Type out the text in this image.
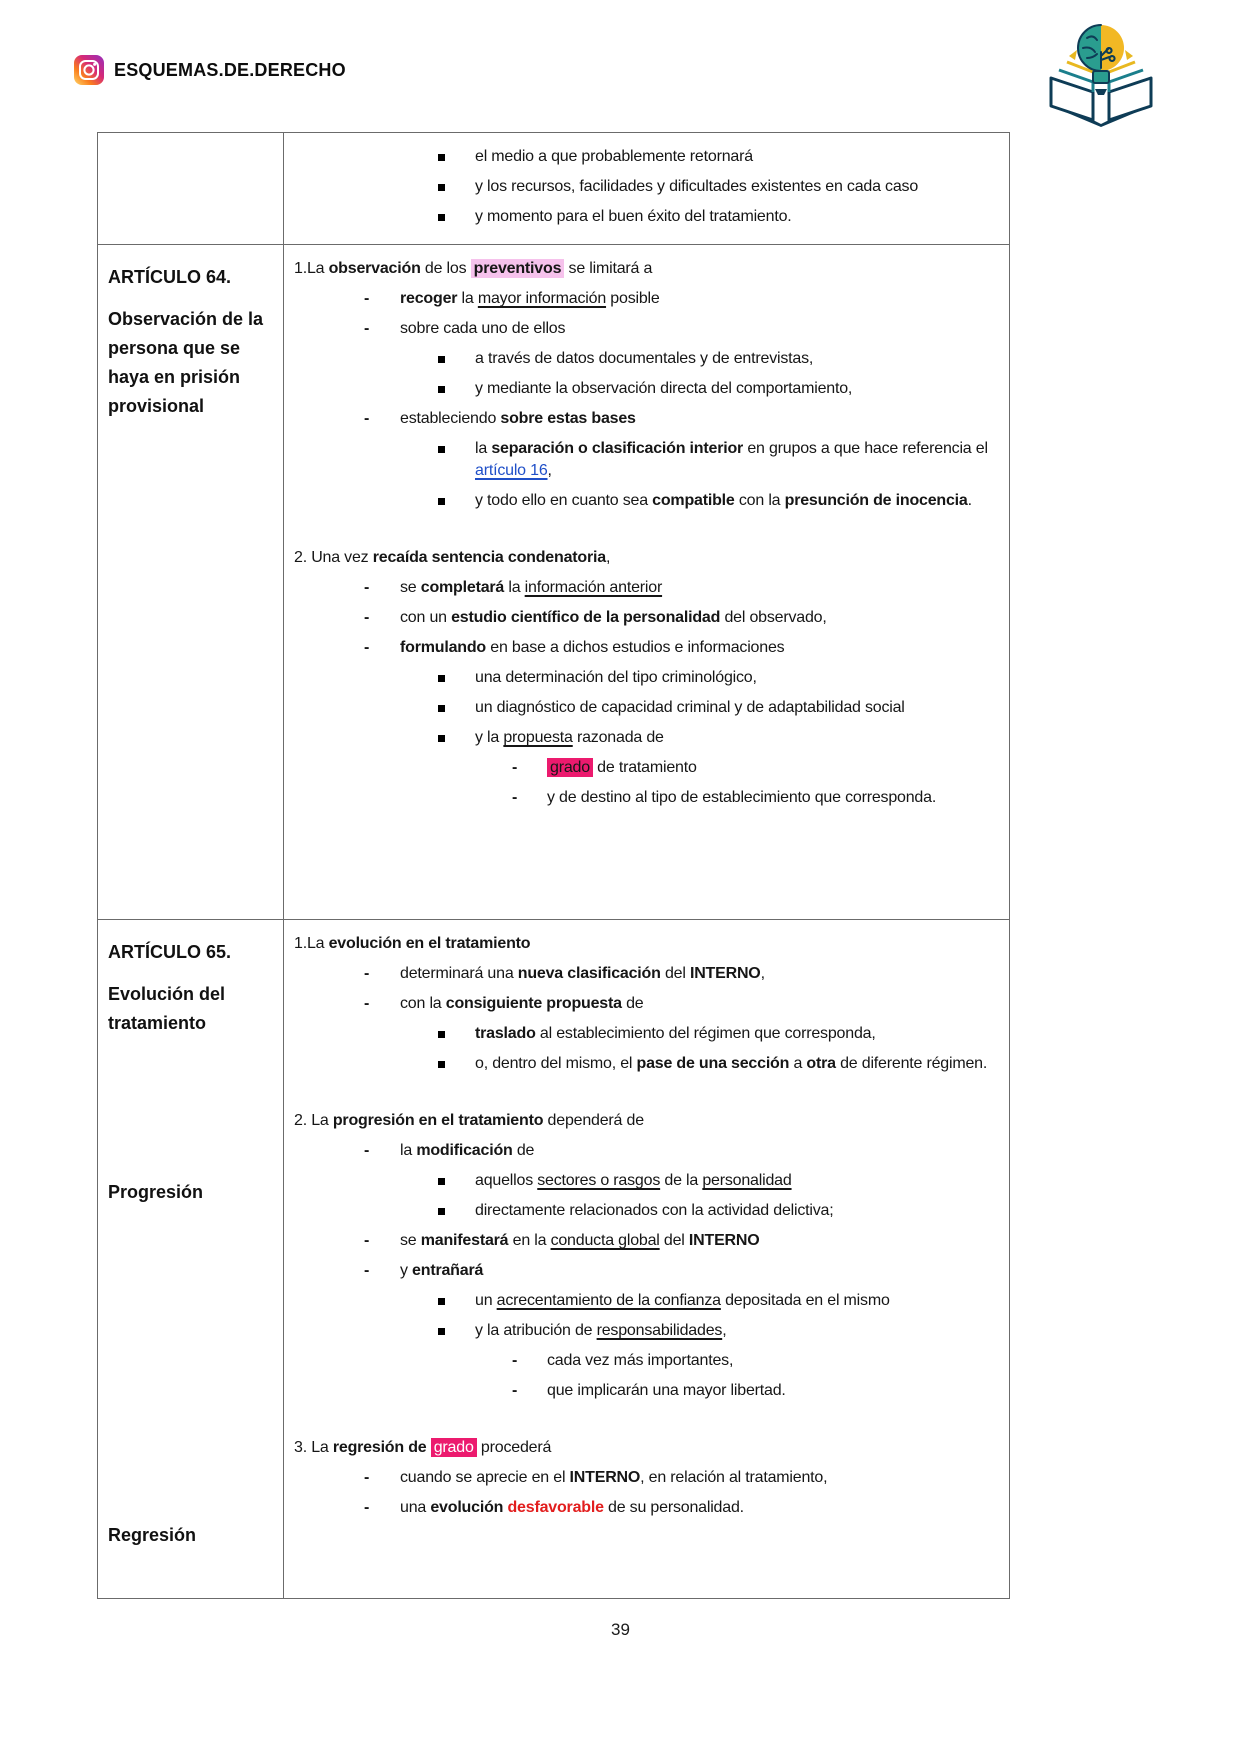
ESQUEMAS.DE.DERECHO
el medio a que probablemente retornará
y los recursos, facilidades y dificultades existentes en cada caso
y momento para el buen éxito del tratamiento.
ARTÍCULO 64.
Observación de la persona que se haya en prisión provisional
1.La observación de los preventivos se limitará a
- recoger la mayor información posible
- sobre cada uno de ellos
a través de datos documentales y de entrevistas,
y mediante la observación directa del comportamiento,
- estableciendo sobre estas bases
la separación o clasificación interior en grupos a que hace referencia el artículo 16,
y todo ello en cuanto sea compatible con la presunción de inocencia.
2. Una vez recaída sentencia condenatoria,
- se completará la información anterior
- con un estudio científico de la personalidad del observado,
- formulando en base a dichos estudios e informaciones
una determinación del tipo criminológico,
un diagnóstico de capacidad criminal y de adaptabilidad social
y la propuesta razonada de
- grado de tratamiento
- y de destino al tipo de establecimiento que corresponda.
ARTÍCULO 65.
Evolución del tratamiento
Progresión
Regresión
1.La evolución en el tratamiento
- determinará una nueva clasificación del INTERNO,
- con la consiguiente propuesta de
traslado al establecimiento del régimen que corresponda,
o, dentro del mismo, el pase de una sección a otra de diferente régimen.
2. La progresión en el tratamiento dependerá de
- la modificación de
aquellos sectores o rasgos de la personalidad
directamente relacionados con la actividad delictiva;
- se manifestará en la conducta global del INTERNO
- y entrañará
un acrecentamiento de la confianza depositada en el mismo
y la atribución de responsabilidades,
- cada vez más importantes,
- que implicarán una mayor libertad.
3. La regresión de grado procederá
- cuando se aprecie en el INTERNO, en relación al tratamiento,
- una evolución desfavorable de su personalidad.
39
